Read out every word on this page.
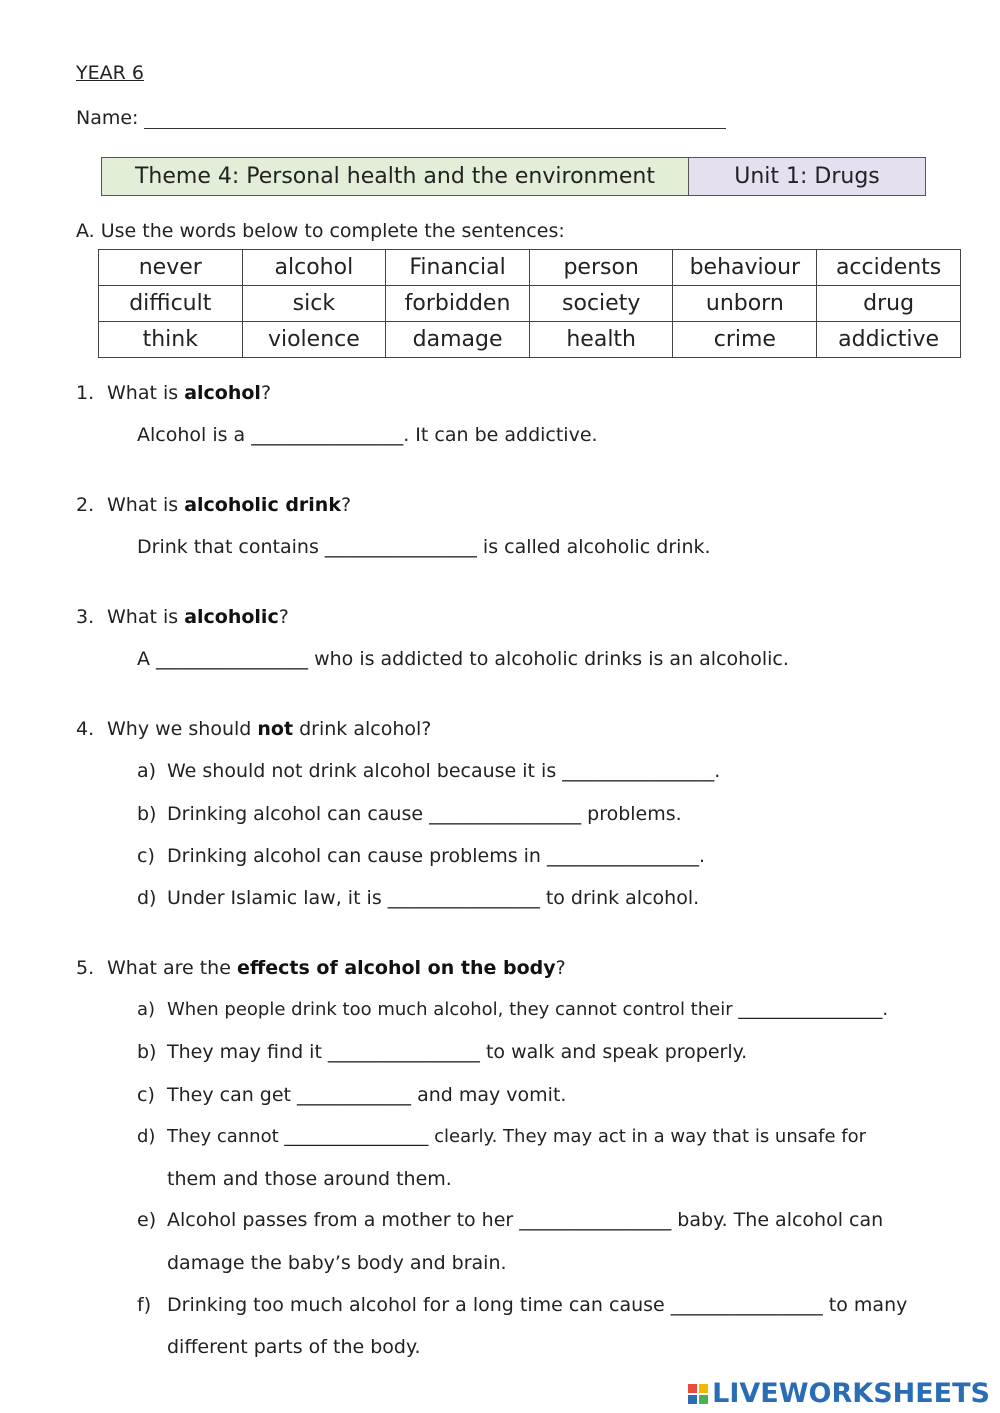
YEAR 6
Name:
Theme 4: Personal health and the environment	Unit 1: Drugs
A. Use the words below to complete the sentences:
never	alcohol	Financial	person	behaviour	accidents
difficult	sick	forbidden	society	unborn	drug
think	violence	damage	health	crime	addictive
1. What is alcohol?
Alcohol is a ________________. It can be addictive.
2. What is alcoholic drink?
Drink that contains ________________ is called alcoholic drink.
3. What is alcoholic?
A ________________ who is addicted to alcoholic drinks is an alcoholic.
4. Why we should not drink alcohol?
a) We should not drink alcohol because it is ________________.
b) Drinking alcohol can cause ________________ problems.
c) Drinking alcohol can cause problems in ________________.
d) Under Islamic law, it is ________________ to drink alcohol.
5. What are the effects of alcohol on the body?
a) When people drink too much alcohol, they cannot control their ________________.
b) They may find it ________________ to walk and speak properly.
c) They can get ____________ and may vomit.
d) They cannot ________________ clearly. They may act in a way that is unsafe for
them and those around them.
e) Alcohol passes from a mother to her ________________ baby. The alcohol can
damage the baby’s body and brain.
f) Drinking too much alcohol for a long time can cause ________________ to many
different parts of the body.
LIVEWORKSHEETS
